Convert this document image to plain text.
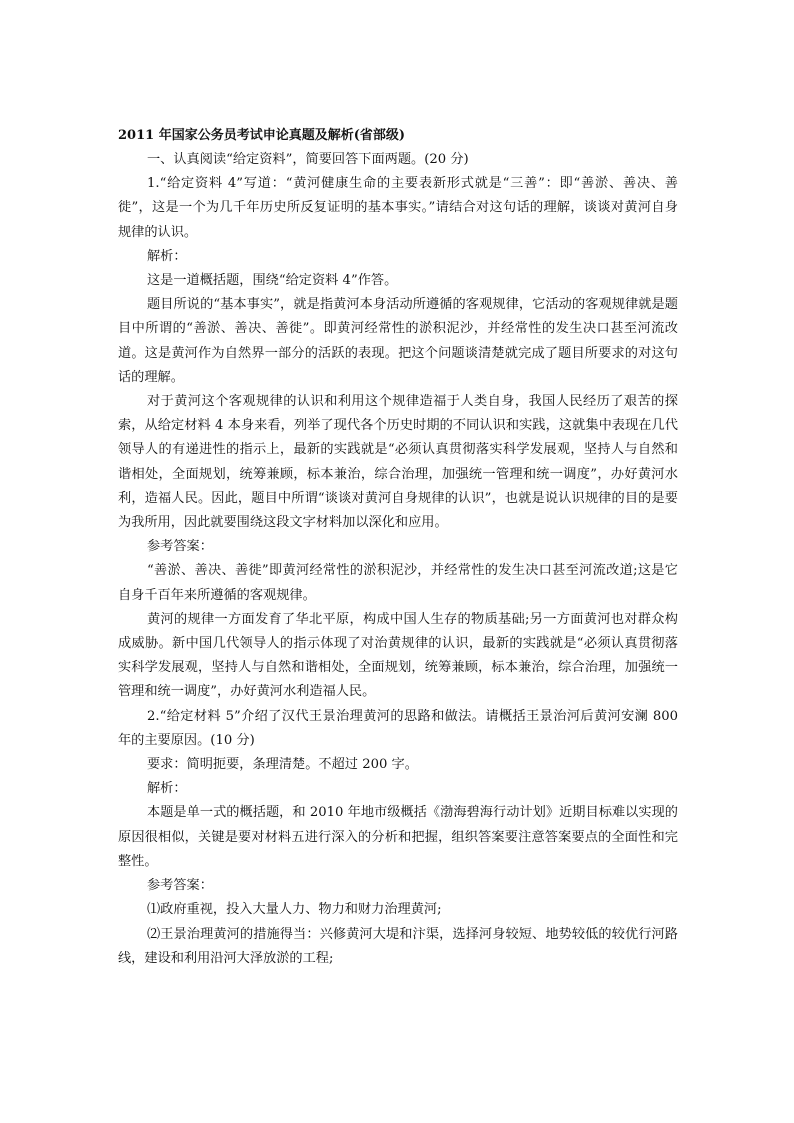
2011 年国家公务员考试申论真题及解析(省部级)

一、认真阅读“给定资料”，简要回答下面两题。(20 分)

1.“给定资料 4”写道：“黄河健康生命的主要表新形式就是“三善”：即“善淤、善决、善徙”，这是一个为几千年历史所反复证明的基本事实。”请结合对这句话的理解，谈谈对黄河自身规律的认识。

解析：

这是一道概括题，围绕“给定资料 4”作答。

题目所说的“基本事实”，就是指黄河本身活动所遵循的客观规律，它活动的客观规律就是题目中所谓的“善淤、善决、善徙”。即黄河经常性的淤积泥沙，并经常性的发生决口甚至河流改道。这是黄河作为自然界一部分的活跃的表现。把这个问题谈清楚就完成了题目所要求的对这句话的理解。

对于黄河这个客观规律的认识和利用这个规律造福于人类自身，我国人民经历了艰苦的探索，从给定材料 4 本身来看，列举了现代各个历史时期的不同认识和实践，这就集中表现在几代领导人的有递进性的指示上，最新的实践就是“必须认真贯彻落实科学发展观，坚持人与自然和谐相处，全面规划，统筹兼顾，标本兼治，综合治理，加强统一管理和统一调度”，办好黄河水利，造福人民。因此，题目中所谓“谈谈对黄河自身规律的认识”，也就是说认识规律的目的是要为我所用，因此就要围绕这段文字材料加以深化和应用。

参考答案：

“善淤、善决、善徙”即黄河经常性的淤积泥沙，并经常性的发生决口甚至河流改道;这是它自身千百年来所遵循的客观规律。

黄河的规律一方面发育了华北平原，构成中国人生存的物质基础;另一方面黄河也对群众构成威胁。新中国几代领导人的指示体现了对治黄规律的认识，最新的实践就是“必须认真贯彻落实科学发展观，坚持人与自然和谐相处，全面规划，统筹兼顾，标本兼治，综合治理，加强统一管理和统一调度”，办好黄河水利造福人民。

2.“给定材料 5”介绍了汉代王景治理黄河的思路和做法。请概括王景治河后黄河安澜 800 年的主要原因。(10 分)

要求：简明扼要，条理清楚。不超过 200 字。

解析：

本题是单一式的概括题，和 2010 年地市级概括《渤海碧海行动计划》近期目标难以实现的原因很相似，关键是要对材料五进行深入的分析和把握，组织答案要注意答案要点的全面性和完整性。

参考答案：

⑴政府重视，投入大量人力、物力和财力治理黄河;

⑵王景治理黄河的措施得当：兴修黄河大堤和汴渠，选择河身较短、地势较低的较优行河路线，建设和利用沿河大泽放淤的工程;
